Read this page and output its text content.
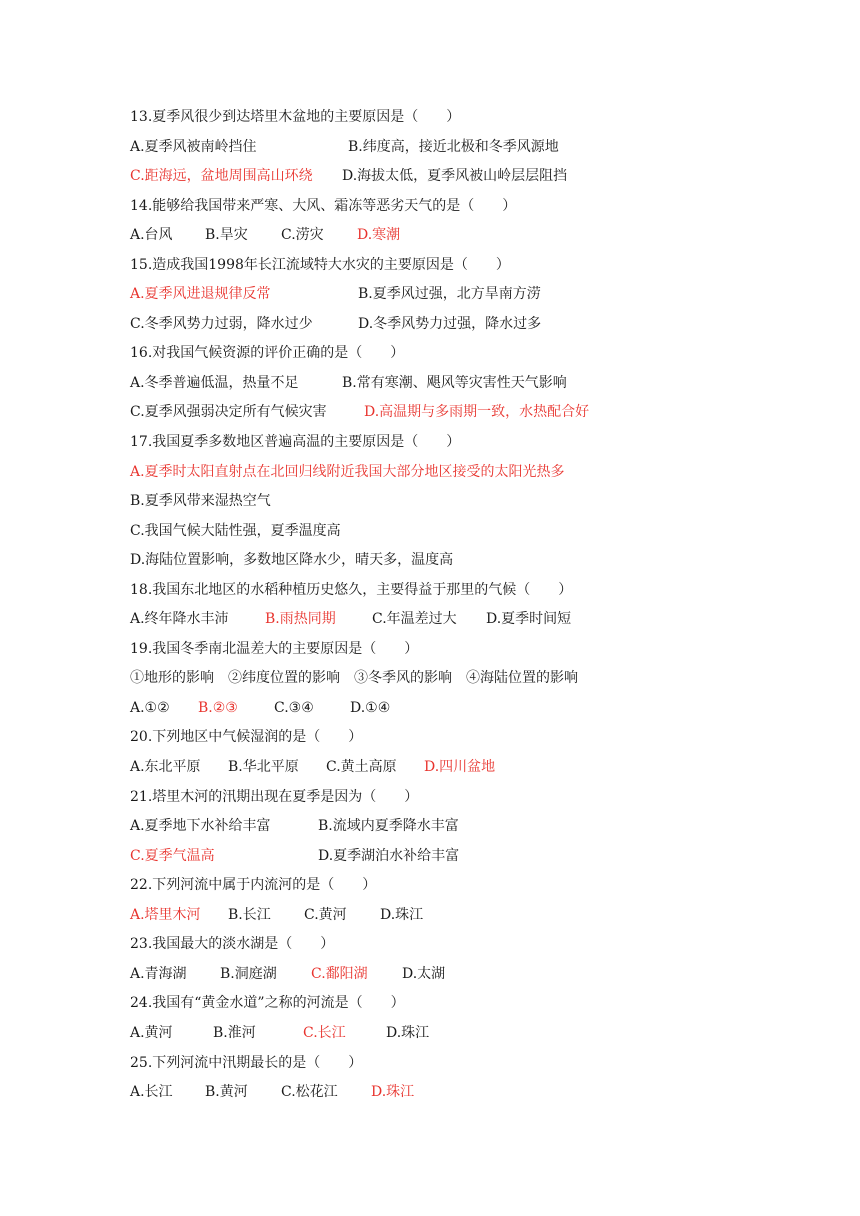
13.夏季风很少到达塔里木盆地的主要原因是（　　）
A.夏季风被南岭挡住	B.纬度高，接近北极和冬季风源地
C.距海远，盆地周围高山环绕 D.海拔太低，夏季风被山岭层层阻挡
14.能够给我国带来严寒、大风、霜冻等恶劣天气的是（　　）
A.台风 B.旱灾 C.涝灾 D.寒潮
15.造成我国1998年长江流域特大水灾的主要原因是（　　）
A.夏季风进退规律反常	B.夏季风过强，北方旱南方涝
C.冬季风势力过弱，降水过少	D.冬季风势力过强，降水过多
16.对我国气候资源的评价正确的是（　　）
A.冬季普遍低温，热量不足	B.常有寒潮、飓风等灾害性天气影响
C.夏季风强弱决定所有气候灾害	D.高温期与多雨期一致，水热配合好
17.我国夏季多数地区普遍高温的主要原因是（　　）
A.夏季时太阳直射点在北回归线附近我国大部分地区接受的太阳光热多
B.夏季风带来湿热空气
C.我国气候大陆性强，夏季温度高
D.海陆位置影响，多数地区降水少，晴天多，温度高
18.我国东北地区的水稻种植历史悠久，主要得益于那里的气候（　　）
A.终年降水丰沛	B.雨热同期	C.年温差过大 D.夏季时间短
19.我国冬季南北温差大的主要原因是（　　）
①地形的影响　②纬度位置的影响　③冬季风的影响　④海陆位置的影响
A.①② B.②③	C.③④	D.①④
20.下列地区中气候湿润的是（　　）
A.东北平原 B.华北平原 C.黄土高原 D.四川盆地
21.塔里木河的汛期出现在夏季是因为（　　）
A.夏季地下水补给丰富	B.流域内夏季降水丰富
C.夏季气温高	D.夏季湖泊水补给丰富
22.下列河流中属于内流河的是（　　）
A.塔里木河 B.长江 C.黄河 D.珠江
23.我国最大的淡水湖是（　　）
A.青海湖 B.洞庭湖 C.鄱阳湖 D.太湖
24.我国有“黄金水道”之称的河流是（　　）
A.黄河	B.淮河	C.长江	D.珠江
25.下列河流中汛期最长的是（　　）
A.长江 B.黄河 C.松花江 D.珠江
